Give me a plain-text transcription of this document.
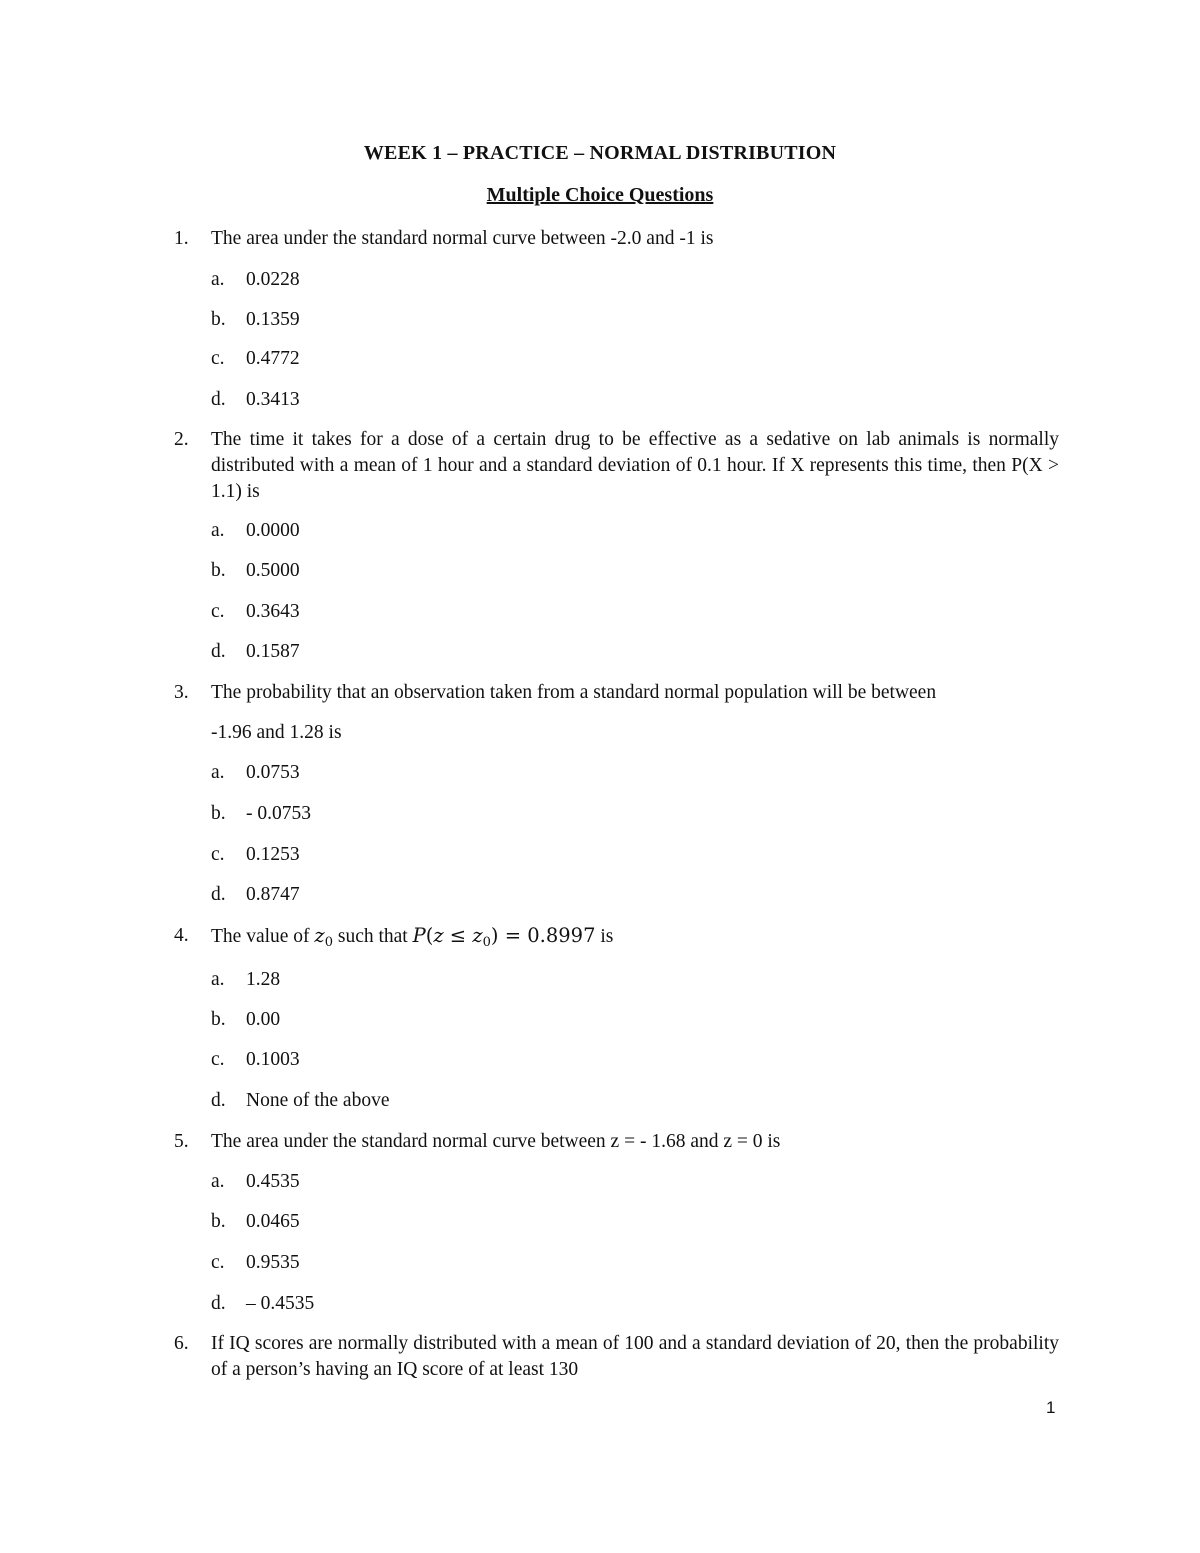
WEEK 1 – PRACTICE – NORMAL DISTRIBUTION
Multiple Choice Questions
1.	The area under the standard normal curve between -2.0 and -1 is
a. 0.0228
b. 0.1359
c. 0.4772
d. 0.3413
2.	The time it takes for a dose of a certain drug to be effective as a sedative on lab animals is normally distributed with a mean of 1 hour and a standard deviation of 0.1 hour. If X represents this time, then P(X > 1.1) is
a. 0.0000
b. 0.5000
c. 0.3643
d. 0.1587
3.	The probability that an observation taken from a standard normal population will be between
-1.96 and 1.28 is
a. 0.0753
b. - 0.0753
c. 0.1253
d. 0.8747
4.	The value of $z_0$ such that $P(z \le z_0) = 0.8997$ is
a. 1.28
b. 0.00
c. 0.1003
d. None of the above
5.	The area under the standard normal curve between z = - 1.68 and z = 0 is
a. 0.4535
b. 0.0465
c. 0.9535
d. – 0.4535
6.	If IQ scores are normally distributed with a mean of 100 and a standard deviation of 20, then the probability of a person’s having an IQ score of at least 130
1
